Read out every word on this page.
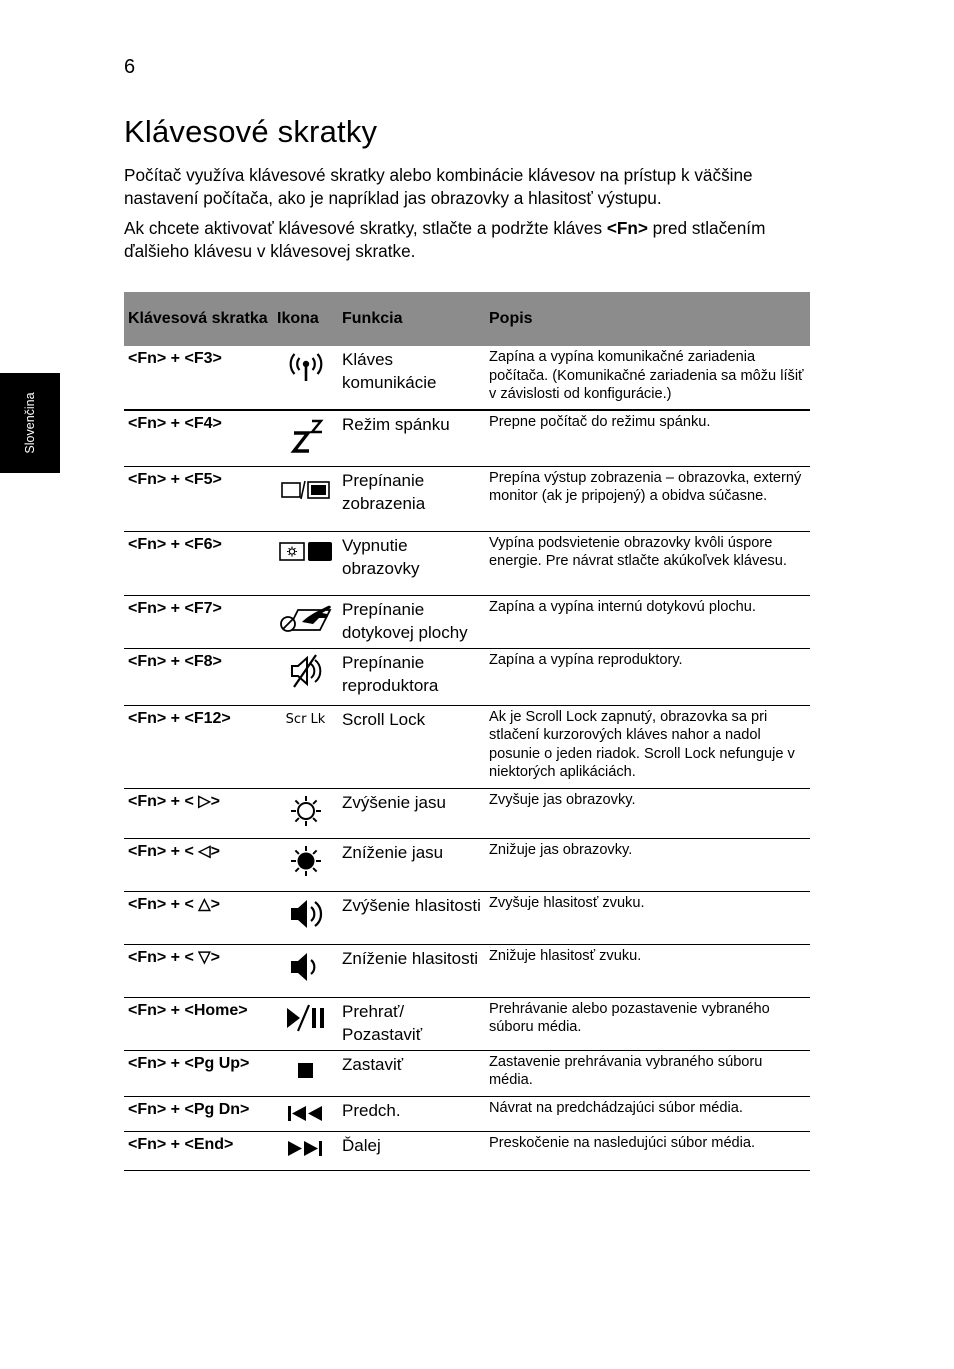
6
Slovenčina
Klávesové skratky

Počítač využíva klávesové skratky alebo kombinácie klávesov na prístup k väčšine nastavení počítača, ako je napríklad jas obrazovky a hlasitosť výstupu.

Ak chcete aktivovať klávesové skratky, stlačte a podržte kláves <Fn> pred stlačením ďalšieho klávesu v klávesovej skratke.

Klávesová skratka	Ikona	Funkcia	Popis
<Fn> + <F3>		Kláves komunikácie	Zapína a vypína komunikačné zariadenia počítača. (Komunikačné zariadenia sa môžu líšiť v závislosti od konfigurácie.)
<Fn> + <F4>		Režim spánku	Prepne počítač do režimu spánku.
<Fn> + <F5>		Prepínanie zobrazenia	Prepína výstup zobrazenia – obrazovka, externý monitor (ak je pripojený) a obidva súčasne.
<Fn> + <F6>		Vypnutie obrazovky	Vypína podsvietenie obrazovky kvôli úspore energie. Pre návrat stlačte akúkoľvek klávesu.
<Fn> + <F7>		Prepínanie dotykovej plochy	Zapína a vypína internú dotykovú plochu.
<Fn> + <F8>		Prepínanie reproduktora	Zapína a vypína reproduktory.
<Fn> + <F12>	Scr Lk	Scroll Lock	Ak je Scroll Lock zapnutý, obrazovka sa pri stlačení kurzorových kláves nahor a nadol posunie o jeden riadok. Scroll Lock nefunguje v niektorých aplikáciách.
<Fn> + < ▷>		Zvýšenie jasu	Zvyšuje jas obrazovky.
<Fn> + < ◁>		Zníženie jasu	Znižuje jas obrazovky.
<Fn> + < △>		Zvýšenie hlasitosti	Zvyšuje hlasitosť zvuku.
<Fn> + < ▽>		Zníženie hlasitosti	Znižuje hlasitosť zvuku.
<Fn> + <Home>		Prehrať/ Pozastaviť	Prehrávanie alebo pozastavenie vybraného súboru média.
<Fn> + <Pg Up>		Zastaviť	Zastavenie prehrávania vybraného súboru média.
<Fn> + <Pg Dn>		Predch.	Návrat na predchádzajúci súbor média.
<Fn> + <End>		Ďalej	Preskočenie na nasledujúci súbor média.
